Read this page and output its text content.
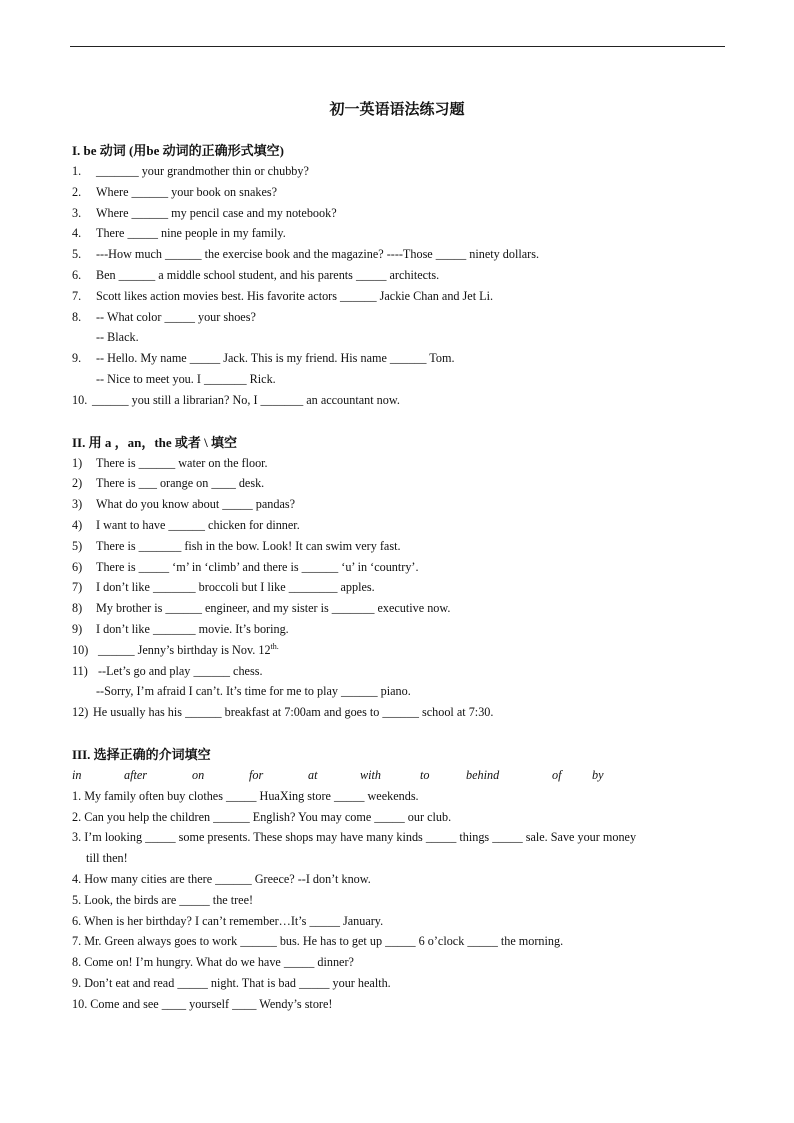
初一英语语法练习题
I. be 动词 (用be 动词的正确形式填空)
1. _______ your grandmother thin or chubby?
2. Where ______ your book on snakes?
3. Where ______ my pencil case and my notebook?
4. There _____ nine people in my family.
5. ---How much ______ the exercise book and the magazine? ----Those _____ ninety dollars.
6. Ben ______ a middle school student, and his parents _____ architects.
7. Scott likes action movies best. His favorite actors ______ Jackie Chan and Jet Li.
8. -- What color _____ your shoes?
-- Black.
9. -- Hello. My name _____ Jack. This is my friend. His name ______ Tom.
-- Nice to meet you. I _______ Rick.
10. ______ you still a librarian? No, I _______ an accountant now.
II. 用 a ，an，the 或者 \ 填空
1) There is ______ water on the floor.
2) There is ___ orange on ____ desk.
3) What do you know about _____ pandas?
4) I want to have ______ chicken for dinner.
5) There is _______ fish in the bow. Look! It can swim very fast.
6) There is _____ ‘m’ in ‘climb’ and there is ______ ‘u’ in ‘country’.
7) I don’t like _______ broccoli but I like ________ apples.
8) My brother is ______ engineer, and my sister is _______ executive now.
9) I don’t like _______ movie. It’s boring.
10) ______ Jenny’s birthday is Nov. $12^{th.}$
11) --Let’s go and play ______ chess.
--Sorry, I’m afraid I can’t. It’s time for me to play ______ piano.
12) He usually has his ______ breakfast at 7:00am and goes to ______ school at 7:30.
III. 选择正确的介词填空
in	after	on	for	at	with	to	behind	of	by
1. My family often buy clothes _____ HuaXing store _____ weekends.
2. Can you help the children ______ English? You may come _____ our club.
3. I’m looking _____ some presents. These shops may have many kinds _____ things _____ sale. Save your money
till then!
4. How many cities are there ______ Greece? --I don’t know.
5. Look, the birds are _____ the tree!
6. When is her birthday? I can’t remember…It’s _____ January.
7. Mr. Green always goes to work ______ bus. He has to get up _____ 6 o’clock _____ the morning.
8. Come on! I’m hungry. What do we have _____ dinner?
9. Don’t eat and read _____ night. That is bad _____ your health.
10. Come and see ____ yourself ____ Wendy’s store!
